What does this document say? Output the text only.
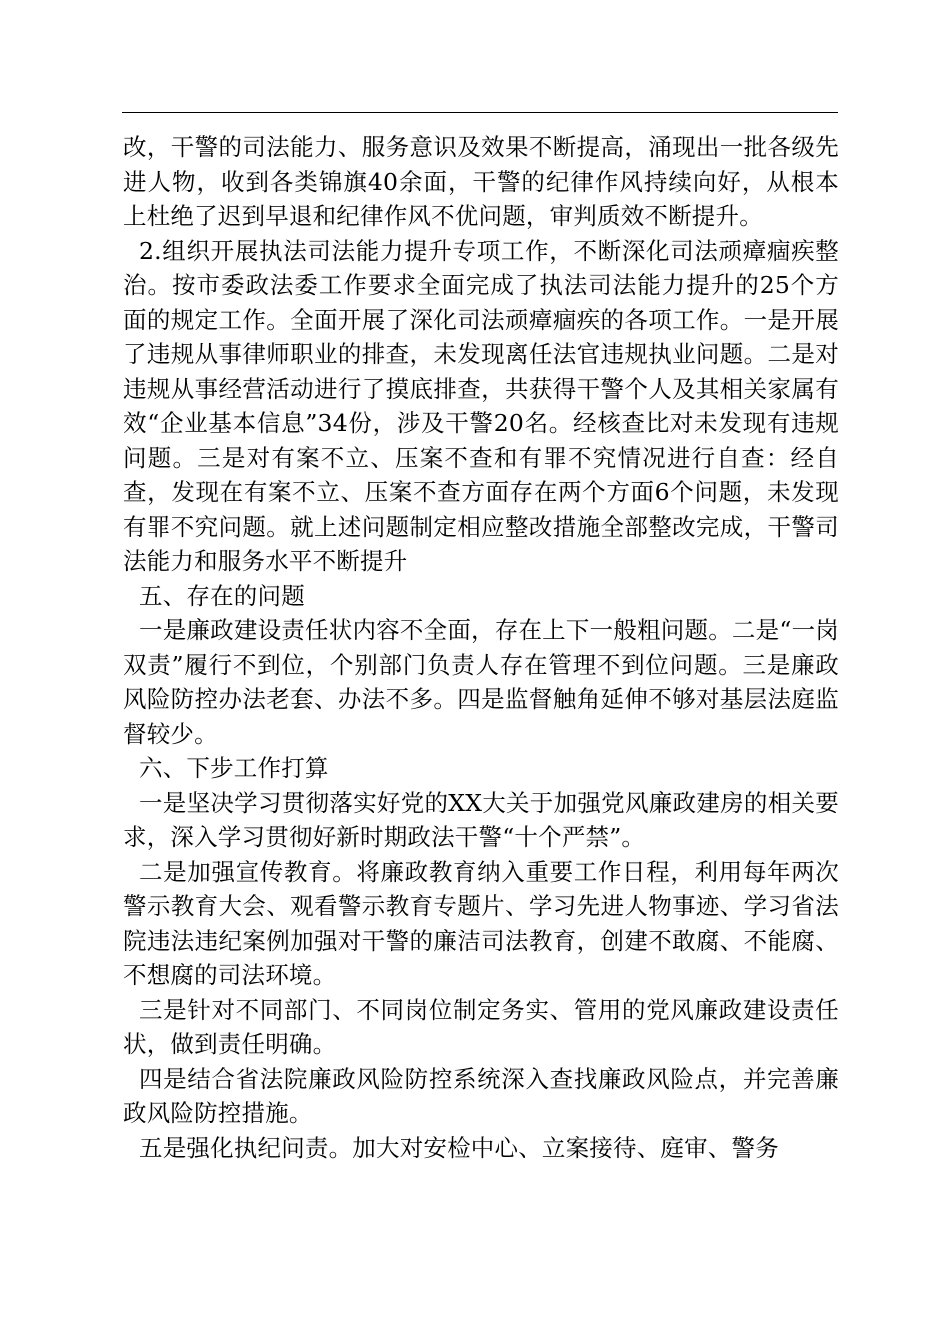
改，干警的司法能力、服务意识及效果不断提高，涌现出一批各级先进人物，收到各类锦旗40余面，干警的纪律作风持续向好，从根本上杜绝了迟到早退和纪律作风不优问题，审判质效不断提升。

2.组织开展执法司法能力提升专项工作，不断深化司法顽瘴痼疾整治。按市委政法委工作要求全面完成了执法司法能力提升的25个方面的规定工作。全面开展了深化司法顽瘴痼疾的各项工作。一是开展了违规从事律师职业的排查，未发现离任法官违规执业问题。二是对违规从事经营活动进行了摸底排查，共获得干警个人及其相关家属有效“企业基本信息”34份，涉及干警20名。经核查比对未发现有违规问题。三是对有案不立、压案不查和有罪不究情况进行自查：经自查，发现在有案不立、压案不查方面存在两个方面6个问题，未发现有罪不究问题。就上述问题制定相应整改措施全部整改完成，干警司法能力和服务水平不断提升

五、存在的问题

一是廉政建设责任状内容不全面，存在上下一般粗问题。二是“一岗双责”履行不到位，个别部门负责人存在管理不到位问题。三是廉政风险防控办法老套、办法不多。四是监督触角延伸不够对基层法庭监督较少。

六、下步工作打算

一是坚决学习贯彻落实好党的XX大关于加强党风廉政建房的相关要求，深入学习贯彻好新时期政法干警“十个严禁”。

二是加强宣传教育。将廉政教育纳入重要工作日程，利用每年两次警示教育大会、观看警示教育专题片、学习先进人物事迹、学习省法院违法违纪案例加强对干警的廉洁司法教育，创建不敢腐、不能腐、不想腐的司法环境。

三是针对不同部门、不同岗位制定务实、管用的党风廉政建设责任状，做到责任明确。

四是结合省法院廉政风险防控系统深入查找廉政风险点，并完善廉政风险防控措施。

五是强化执纪问责。加大对安检中心、立案接待、庭审、警务
